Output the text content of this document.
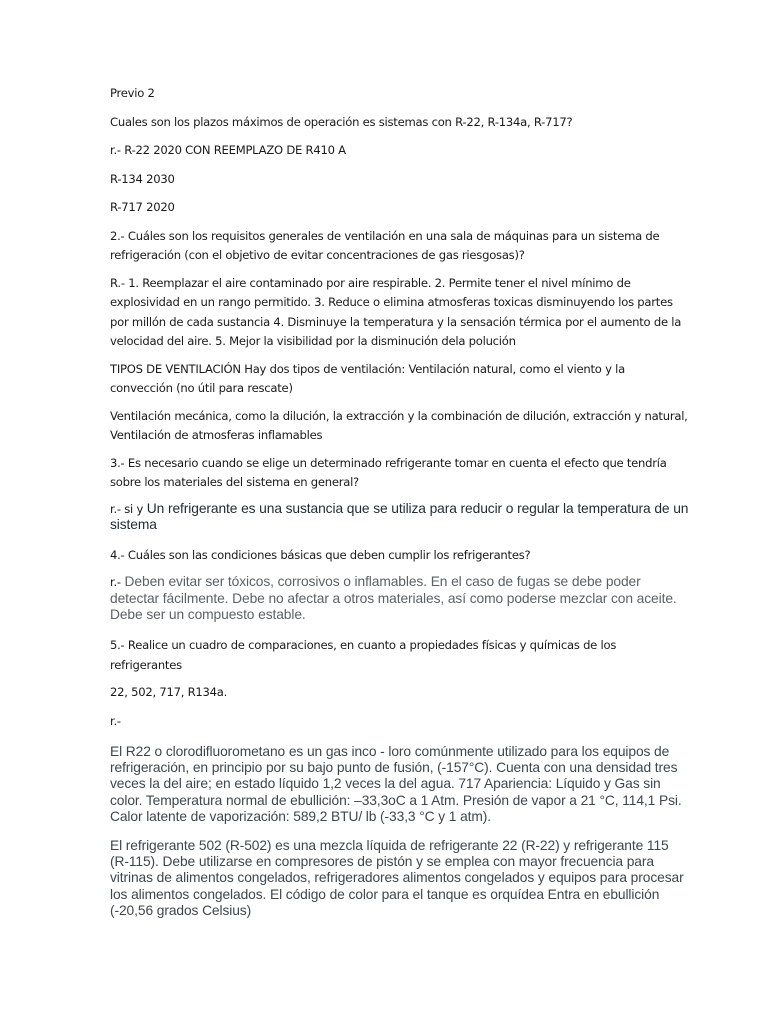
Previo 2

Cuales son los plazos máximos de operación es sistemas con R-22, R-134a, R-717?

r.- R-22 2020 CON REEMPLAZO DE R410 A

R-134 2030

R-717 2020

2.- Cuáles son los requisitos generales de ventilación en una sala de máquinas para un sistema de refrigeración (con el objetivo de evitar concentraciones de gas riesgosas)?

R.- 1. Reemplazar el aire contaminado por aire respirable. 2. Permite tener el nivel mínimo de explosividad en un rango permitido. 3. Reduce o elimina atmosferas toxicas disminuyendo los partes por millón de cada sustancia 4. Disminuye la temperatura y la sensación térmica por el aumento de la velocidad del aire. 5. Mejor la visibilidad por la disminución dela polución

TIPOS DE VENTILACIÓN Hay dos tipos de ventilación: Ventilación natural, como el viento y la convección (no útil para rescate)

Ventilación mecánica, como la dilución, la extracción y la combinación de dilución, extracción y natural, Ventilación de atmosferas inflamables

3.- Es necesario cuando se elige un determinado refrigerante tomar en cuenta el efecto que tendría sobre los materiales del sistema en general?

r.- si y Un refrigerante es una sustancia que se utiliza para reducir o regular la temperatura de un sistema

4.- Cuáles son las condiciones básicas que deben cumplir los refrigerantes?

r.- Deben evitar ser tóxicos, corrosivos o inflamables. En el caso de fugas se debe poder detectar fácilmente. Debe no afectar a otros materiales, así como poderse mezclar con aceite. Debe ser un compuesto estable.

5.- Realice un cuadro de comparaciones, en cuanto a propiedades físicas y químicas de los refrigerantes

22, 502, 717, R134a.

r.-

El R22 o clorodifluorometano es un gas inco - loro comúnmente utilizado para los equipos de refrigeración, en principio por su bajo punto de fusión, (-157°C). Cuenta con una densidad tres veces la del aire; en estado líquido 1,2 veces la del agua. 717 Apariencia: Líquido y Gas sin color. Temperatura normal de ebullición: –33,3oC a 1 Atm. Presión de vapor a 21 °C, 114,1 Psi. Calor latente de vaporización: 589,2 BTU/ lb (-33,3 °C y 1 atm).

El refrigerante 502 (R-502) es una mezcla líquida de refrigerante 22 (R-22) y refrigerante 115 (R-115). Debe utilizarse en compresores de pistón y se emplea con mayor frecuencia para vitrinas de alimentos congelados, refrigeradores alimentos congelados y equipos para procesar los alimentos congelados. El código de color para el tanque es orquídea Entra en ebullición (-20,56 grados Celsius)
